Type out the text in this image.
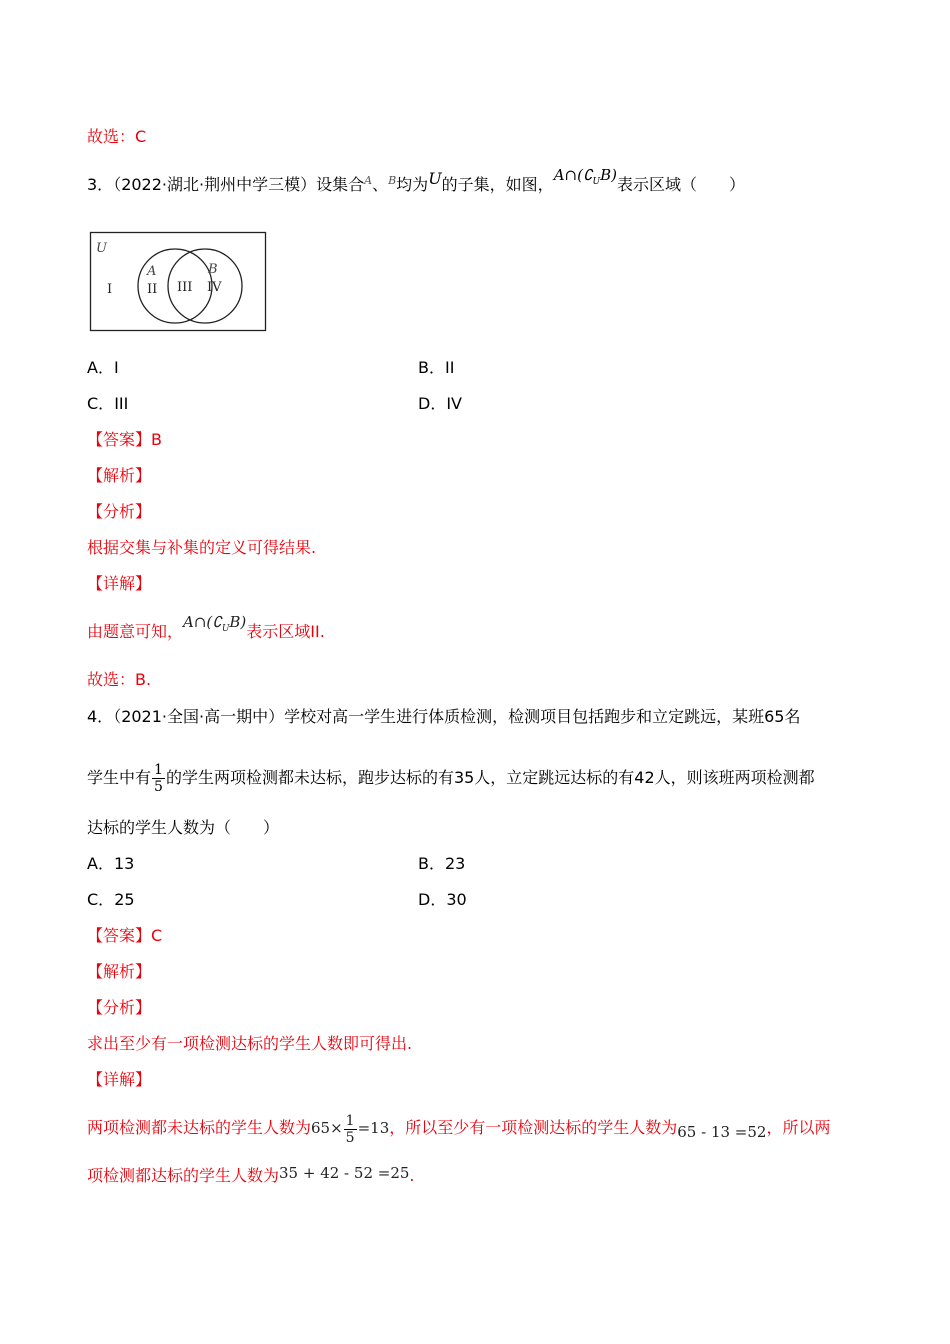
故选：C
3．（2022·湖北·荆州中学三模）设集合$^A$、$^B$均为U的子集，如图，$A\cap(∁_UB)$表示区域（　　）
U
A	B
I	II III IV
A．I	B．II
C．III	D．IV
【答案】B
【解析】
【分析】
根据交集与补集的定义可得结果.
【详解】
由题意可知，$A\cap(∁_UB)$表示区域II.
故选：B.
4．（2021·全国·高一期中）学校对高一学生进行体质检测，检测项目包括跑步和立定跳远，某班65名
学生中有 $\frac{1}{5}$ 的学生两项检测都未达标，跑步达标的有35人，立定跳远达标的有42人，则该班两项检测都
达标的学生人数为（　　）
A．13	B．23
C．25	D．30
【答案】C
【解析】
【分析】
求出至少有一项检测达标的学生人数即可得出.
【详解】
两项检测都未达标的学生人数为$65\times \frac{1}{5} =13$，所以至少有一项检测达标的学生人数为65 - 13 =52，所以两
项检测都达标的学生人数为35 + 42 - 52 =25.
